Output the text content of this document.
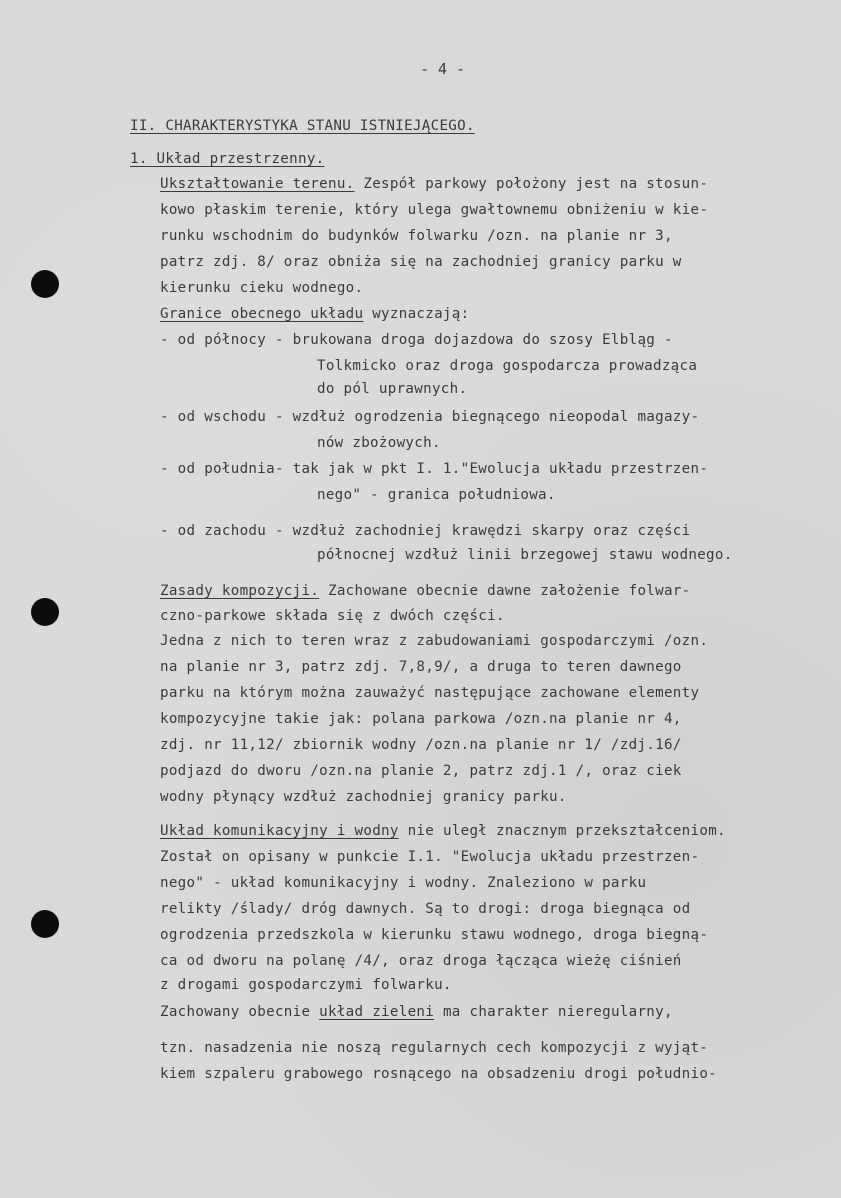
- 4 -
II. CHARAKTERYSTYKA STANU ISTNIEJĄCEGO.
1. Układ przestrzenny.
Ukształtowanie terenu. Zespół parkowy położony jest na stosun-
kowo płaskim terenie, który ulega gwałtownemu obniżeniu w kie-
runku wschodnim do budynków folwarku /ozn. na planie nr 3,
patrz zdj. 8/ oraz obniża się na zachodniej granicy parku w
kierunku cieku wodnego.
Granice obecnego układu wyznaczają:
- od północy - brukowana droga dojazdowa do szosy Elbląg -
Tolkmicko oraz droga gospodarcza prowadząca
do pól uprawnych.
- od wschodu - wzdłuż ogrodzenia biegnącego nieopodal magazy-
nów zbożowych.
- od południa- tak jak w pkt I. 1."Ewolucja układu przestrzen-
nego" - granica południowa.
- od zachodu - wzdłuż zachodniej krawędzi skarpy oraz części
północnej wzdłuż linii brzegowej stawu wodnego.
Zasady kompozycji. Zachowane obecnie dawne założenie folwar-
czno-parkowe składa się z dwóch części.
Jedna z nich to teren wraz z zabudowaniami gospodarczymi /ozn.
na planie nr 3, patrz zdj. 7,8,9/, a druga to teren dawnego
parku na którym można zauważyć następujące zachowane elementy
kompozycyjne takie jak: polana parkowa /ozn.na planie nr 4,
zdj. nr 11,12/ zbiornik wodny /ozn.na planie nr 1/ /zdj.16/
podjazd do dworu /ozn.na planie 2, patrz zdj.1 /, oraz ciek
wodny płynący wzdłuż zachodniej granicy parku.
Układ komunikacyjny i wodny nie uległ znacznym przekształceniom.
Został on opisany w punkcie I.1. "Ewolucja układu przestrzen-
nego" - układ komunikacyjny i wodny. Znaleziono w parku
relikty /ślady/ dróg dawnych. Są to drogi: droga biegnąca od
ogrodzenia przedszkola w kierunku stawu wodnego, droga biegną-
ca od dworu na polanę /4/, oraz droga łącząca wieżę ciśnień
z drogami gospodarczymi folwarku.
Zachowany obecnie układ zieleni ma charakter nieregularny,
tzn. nasadzenia nie noszą regularnych cech kompozycji z wyjąt-
kiem szpaleru grabowego rosnącego na obsadzeniu drogi południo-
